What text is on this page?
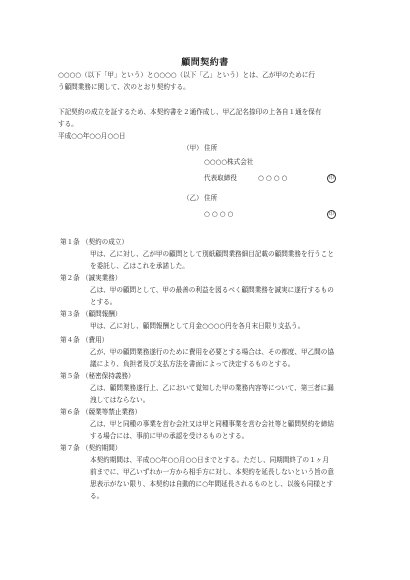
顧問契約書
○○○○（以下「甲」という）と○○○○（以下「乙」という）とは、乙が甲のために行
う顧問業務に関して、次のとおり契約する。
下記契約の成立を証するため、本契約書を２通作成し、甲乙記名捺印の上各自１通を保有
する。
平成○○年○○月○○日
（甲） 住所
○○○○株式会社
代表取締役	○ ○ ○ ○	印
（乙） 住所
○ ○ ○ ○	印
第１条 （契約の成立）
甲は、乙に対し、乙が甲の顧問として別紙顧問業務細目記載の顧問業務を行うこと
を委託し、乙はこれを承諾した。
第２条 （誠実業務）
乙は、甲の顧問として、甲の最善の利益を図るべく顧問業務を誠実に遂行するもの
とする。
第３条 （顧問報酬）
甲は、乙に対し、顧問報酬として月金○○○○円を各月末日限り支払う。
第４条 （費用）
乙が、甲の顧問業務遂行のために費用を必要とする場合は、その都度、甲乙間の協
議により、負担者及び支払方法を書面によって決定するものとする。
第５条 （秘密保持義務）
乙は、顧問業務遂行上、乙において覚知した甲の業務内容等について、第三者に漏
洩してはならない。
第６条 （競業等禁止業務）
乙は、甲と同種の事業を営む会社又は甲と同種事業を営む会社等と顧問契約を締結
する場合には、事前に甲の承認を受けるものとする。
第７条 （契約期間）
本契約期間は、平成○○年○○月○○日までとする。ただし、同期間終了の１ヶ月
前までに、甲乙いずれか一方から相手方に対し、本契約を延長しないという旨の意
思表示がない限り、本契約は自動的に○年間延長されるものとし、以後も同様とす
る。
